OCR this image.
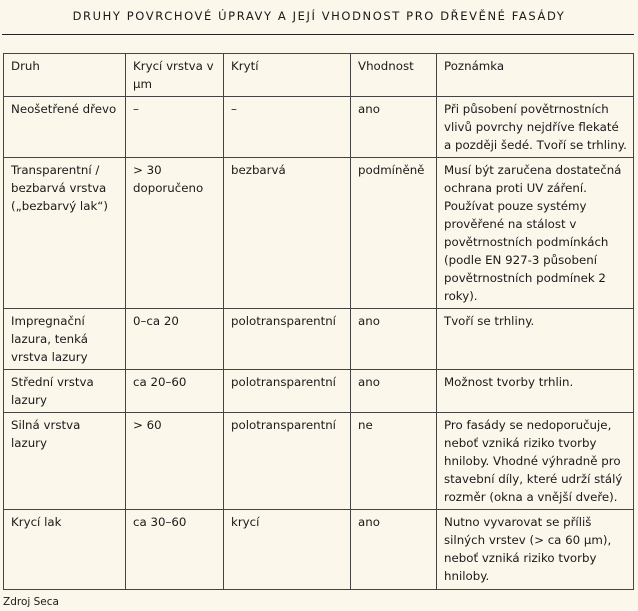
DRUHY POVRCHOVÉ ÚPRAVY A JEJÍ VHODNOST PRO DŘEVĚNÉ FASÁDY
Druh	Krycí vrstva v µm	Krytí	Vhodnost	Poznámka
Neošetřené dřevo	–	–	ano	Při působení povětrnostních vlivů povrchy nejdříve flekaté a později šedé. Tvoří se trhliny.
Transparentní / bezbarvá vrstva („bezbarvý lak“)	> 30 doporučeno	bezbarvá	podmíněně	Musí být zaručena dostatečná ochrana proti UV záření. Používat pouze systémy prověřené na stálost v povětrnostních podmínkách (podle EN 927-3 působení povětrnostních podmínek 2 roky).
Impregnační lazura, tenká vrstva lazury	0–ca 20	polotransparentní	ano	Tvoří se trhliny.
Střední vrstva lazury	ca 20–60	polotransparentní	ano	Možnost tvorby trhlin.
Silná vrstva lazury	> 60	polotransparentní	ne	Pro fasády se nedoporučuje, neboť vzniká riziko tvorby hniloby. Vhodné výhradně pro stavební díly, které udrží stálý rozměr (okna a vnější dveře).
Krycí lak	ca 30–60	krycí	ano	Nutno vyvarovat se příliš silných vrstev (> ca 60 µm), neboť vzniká riziko tvorby hniloby.
Zdroj Seca
